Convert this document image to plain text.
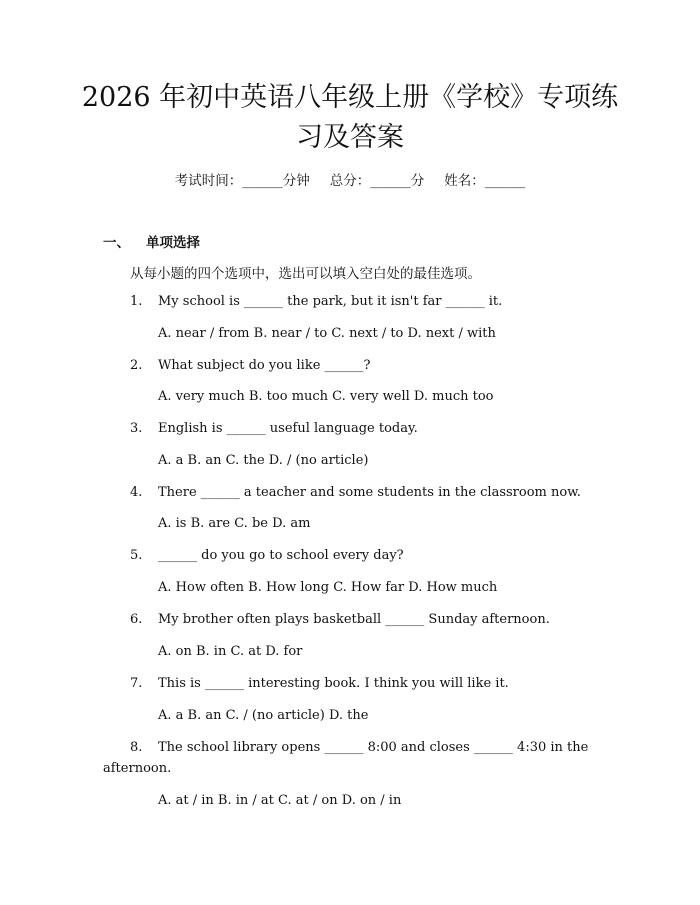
2026 年初中英语八年级上册《学校》专项练
习及答案
考试时间：______分钟 总分：______分 姓名：______
一、 单项选择
从每小题的四个选项中，选出可以填入空白处的最佳选项。
1. My school is ______ the park, but it isn't far ______ it.
A. near / from B. near / to C. next / to D. next / with
2. What subject do you like ______?
A. very much B. too much C. very well D. much too
3. English is ______ useful language today.
A. a B. an C. the D. / (no article)
4. There ______ a teacher and some students in the classroom now.
A. is B. are C. be D. am
5. ______ do you go to school every day?
A. How often B. How long C. How far D. How much
6. My brother often plays basketball ______ Sunday afternoon.
A. on B. in C. at D. for
7. This is ______ interesting book. I think you will like it.
A. a B. an C. / (no article) D. the
8. The school library opens ______ 8:00 and closes ______ 4:30 in the afternoon.
A. at / in B. in / at C. at / on D. on / in
